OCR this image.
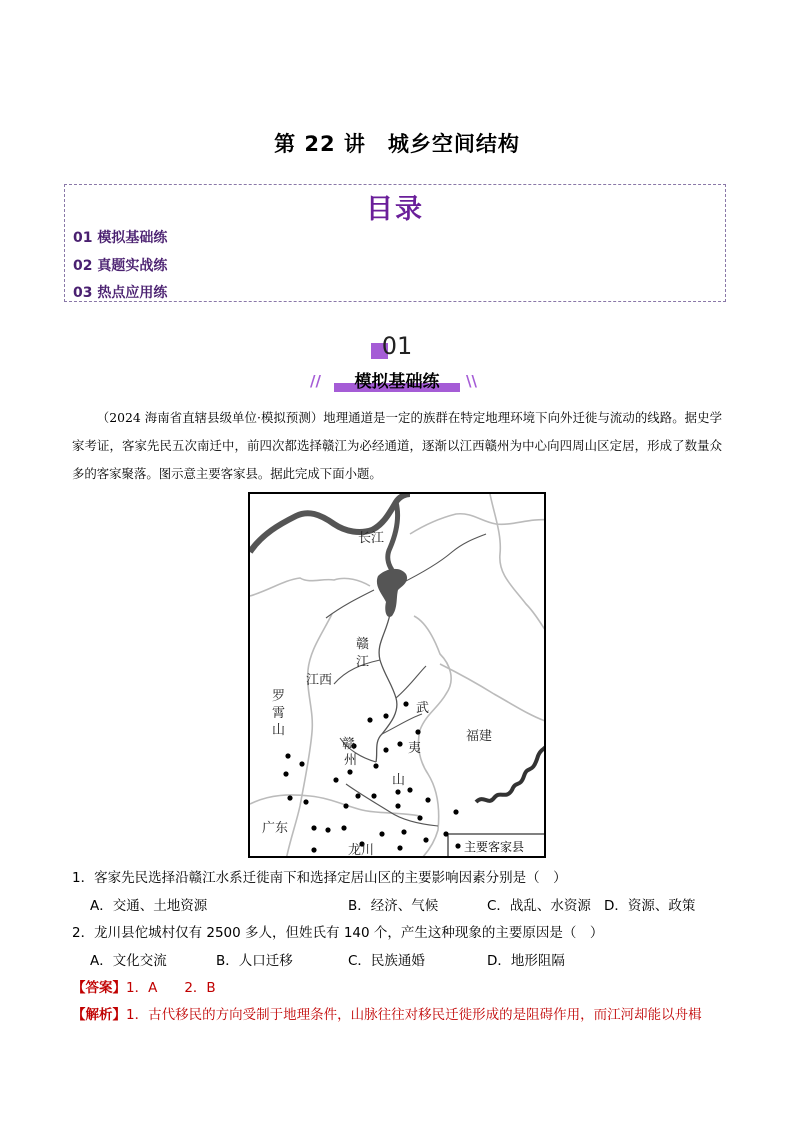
第 22 讲　城乡空间结构
目录
01 模拟基础练
02 真题实战练
03 热点应用练
01
//	模拟基础练	\\
（2024 海南省直辖县级单位·模拟预测）地理通道是一定的族群在特定地理环境下向外迁徙与流动的线路。据史学家考证，客家先民五次南迁中，前四次都选择赣江为必经通道，逐渐以江西赣州为中心向四周山区定居，形成了数量众多的客家聚落。图示意主要客家县。据此完成下面小题。
长江
赣
江
江西
罗
霄
山
武
夷
山
福建
赣
州
广东
龙川	主要客家县
1．客家先民选择沿赣江水系迁徙南下和选择定居山区的主要影响因素分别是（　）
A．交通、土地资源	B．经济、气候	C．战乱、水资源 D．资源、政策
2．龙川县佗城村仅有 2500 多人，但姓氏有 140 个，产生这种现象的主要原因是（　）
A．文化交流	B．人口迁移	C．民族通婚	D．地形阻隔
【答案】1．A　　2．B
【解析】1．古代移民的方向受制于地理条件，山脉往往对移民迁徙形成的是阻碍作用，而江河却能以舟楫
